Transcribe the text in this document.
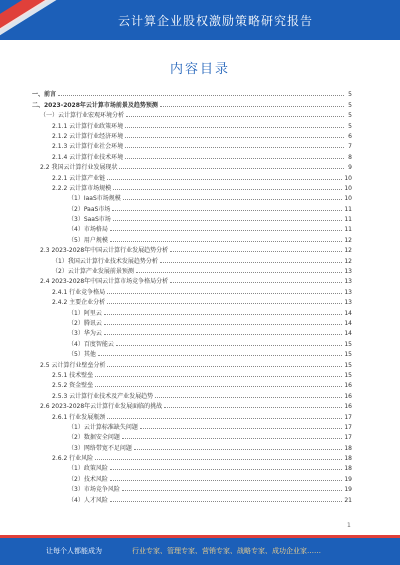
云计算企业股权激励策略研究报告
内容目录
一、前言	5
二、2023-2028年云计算市场前景及趋势预测	5
（一）云计算行业宏观环境分析	5
2.1.1 云计算行业政策环境	5
2.1.2 云计算行业经济环境	6
2.1.3 云计算行业社会环境	7
2.1.4 云计算行业技术环境	8
2.2 我国云计算行业发展现状	9
2.2.1 云计算产业链	10
2.2.2 云计算市场规模	10
（1）IaaS市场规模	10
（2）PaaS市场	11
（3）SaaS市场	11
（4）市场格局	11
（5）用户规模	12
2.3 2023-2028年中国云计算行业发展趋势分析	12
（1）我国云计算行业技术发展趋势分析	12
（2）云计算产业发展前景预测	13
2.4 2023-2028年中国云计算市场竞争格局分析	13
2.4.1 行业竞争格局	13
2.4.2 主要企业分析	13
（1）阿里云	14
（2）腾讯云	14
（3）华为云	14
（4）百度智能云	15
（5）其他	15
2.5 云计算行业壁垒分析	15
2.5.1 技术壁垒	15
2.5.2 资金壁垒	16
2.5.3 云计算行业技术及产业发展趋势	16
2.6 2023-2028年云计算行业发展面临的挑战	16
2.6.1 行业发展瓶颈	17
（1）云计算标准缺失问题	17
（2）数据安全问题	17
（3）网络带宽不足问题	18
2.6.2 行业风险	18
（1）政策风险	18
（2）技术风险	19
（3）市场竞争风险	19
（4）人才风险	21
1
让每个人都能成为	行业专家、管理专家、营销专家、战略专家、成功企业家……
